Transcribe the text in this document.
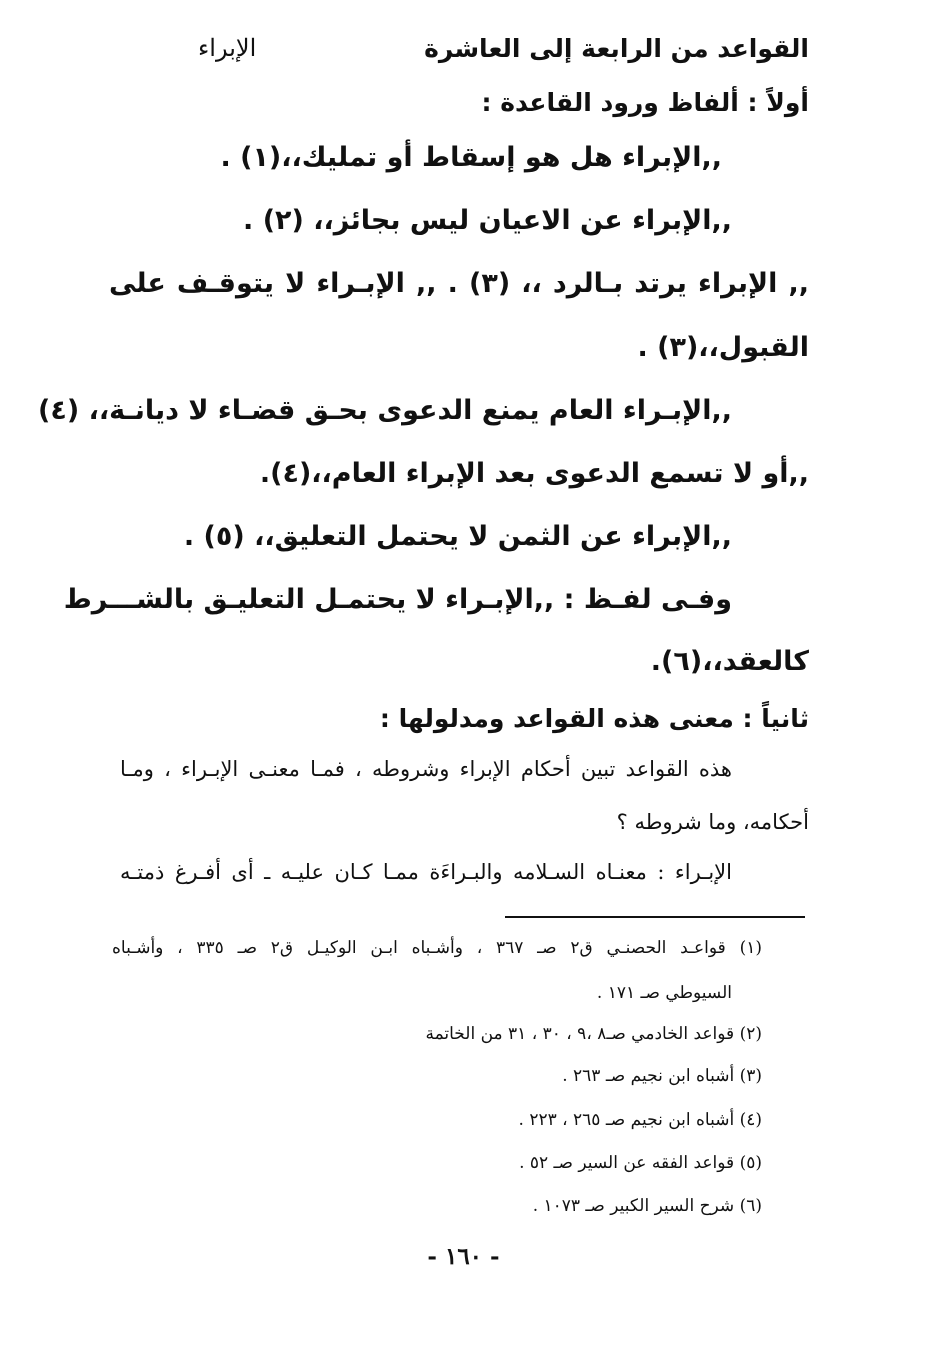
القواعد من الرابعة إلى العاشرة
الإبراء
أولاً : ألفاظ ورود القاعدة :
,,الإبراء هل هو إسقاط أو تمليك،،(١) .
,,الإبراء عن الاعيان ليس بجائز،، (٢) .
,, الإبراء يرتد بـالرد ،، (٣) . ,, الإبـراء لا يتوقـف على
القبول،،(٣) .
,,الإبـراء العام يمنع الدعوى بحـق قضـاء لا ديانـة،، (٤)
,,أو لا تسمع الدعوى بعد الإبراء العام،،(٤).
,,الإبراء عن الثمن لا يحتمل التعليق،، (٥) .
وفـى لفـظ : ,,الإبـراء لا يحتمـل التعليـق بالشـــرط
كالعقد،،(٦).
ثانياً : معنى هذه القواعد ومدلولها :
هذه القواعد تبين أحكام الإبراء وشروطه ، فمـا معنـى الإبـراء ، ومـا
أحكامه، وما شروطه ؟
الإبـراء : معنـاه السـلامه والبـراءَة ممـا كـان عليـه ـ أى أفـرغ ذمتـه
(١) قواعـد الحصنـي ق٢ صـ ٣٦٧ ، وأشـباه ابـن الوكيـل ق٢ صـ ٣٣٥ ، وأشـباه
السيوطي صـ ١٧١ .
(٢) قواعد الخادمي صـ٨ ،٩ ، ٣٠ ، ٣١ من الخاتمة
(٣) أشباه ابن نجيم صـ ٢٦٣ .
(٤) أشباه ابن نجيم صـ ٢٦٥ ، ٢٢٣ .
(٥) قواعد الفقه عن السير صـ ٥٢ .
(٦) شرح السير الكبير صـ ١٠٧٣ .
- ١٦٠ -
